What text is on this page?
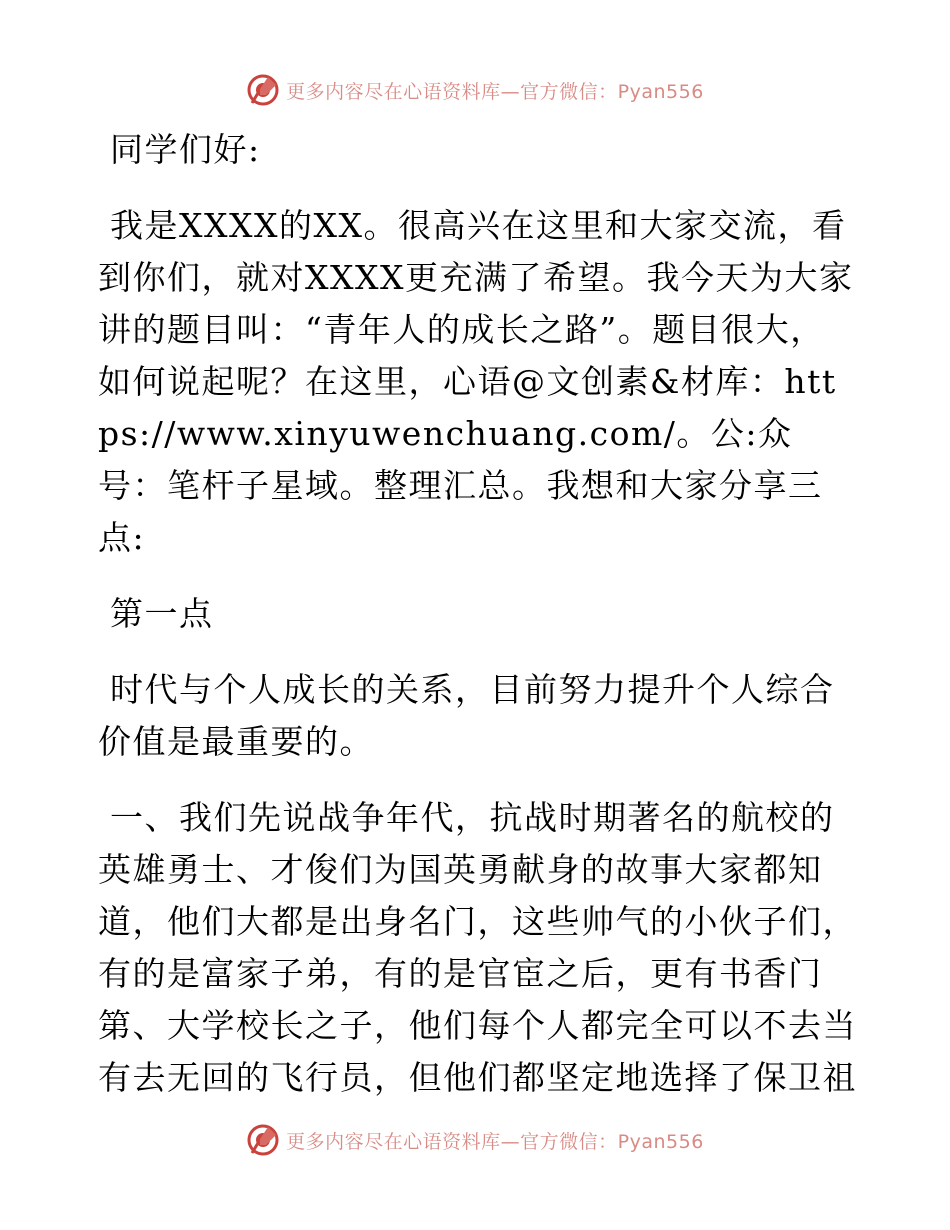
更多内容尽在心语资料库—官方微信：Pyan556

同学们好:

我是XXXX的XX。很高兴在这里和大家交流，看到你们，就对XXXX更充满了希望。我今天为大家讲的题目叫：“青年人的成长之路”。题目很大，如何说起呢？在这里，心语@文创素&材库：https://www.xinyuwenchuang.com/。公:众号：笔杆子星域。整理汇总。我想和大家分享三点:

第一点

时代与个人成长的关系，目前努力提升个人综合价值是最重要的。

一、我们先说战争年代，抗战时期著名的航校的英雄勇士、才俊们为国英勇献身的故事大家都知道，他们大都是出身名门，这些帅气的小伙子们，有的是富家子弟，有的是官宦之后，更有书香门第、大学校长之子，他们每个人都完全可以不去当有去无回的飞行员，但他们都坚定地选择了保卫祖

更多内容尽在心语资料库—官方微信：Pyan556
